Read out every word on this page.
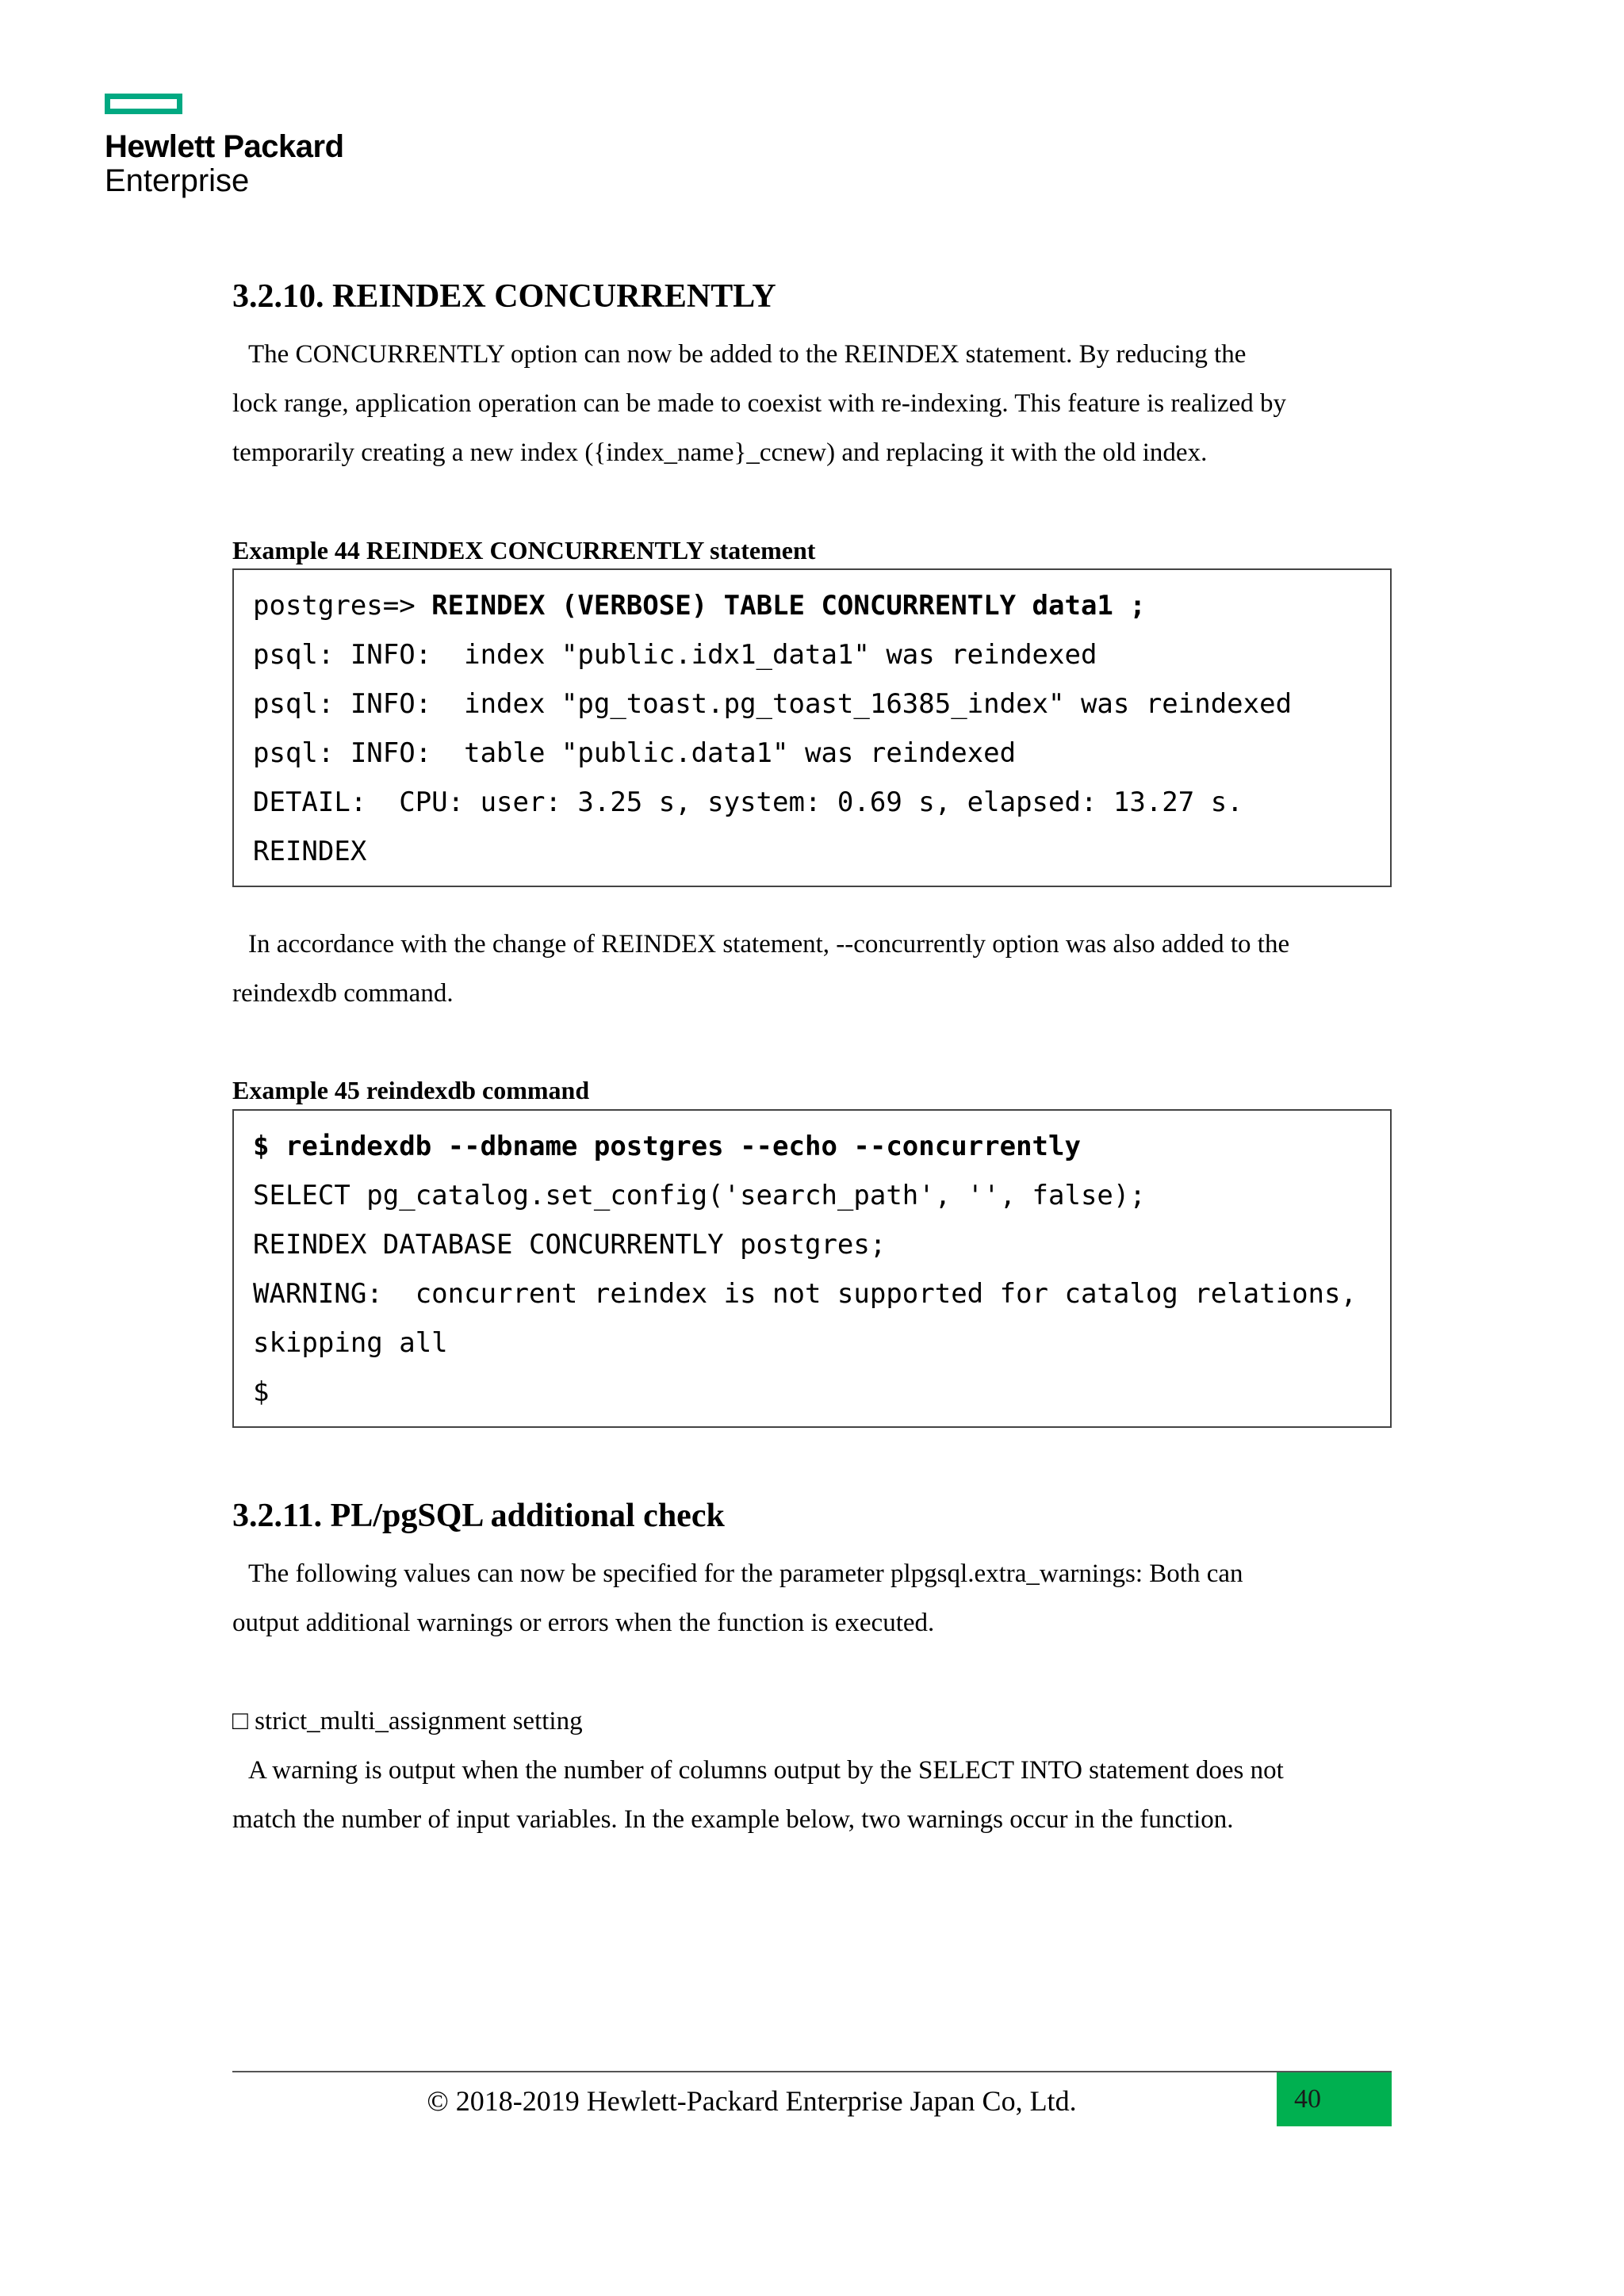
Hewlett Packard
Enterprise
3.2.10. REINDEX CONCURRENTLY

The CONCURRENTLY option can now be added to the REINDEX statement. By reducing the

lock range, application operation can be made to coexist with re-indexing. This feature is realized by

temporarily creating a new index ({index_name}_ccnew) and replacing it with the old index.

Example 44 REINDEX CONCURRENTLY statement

postgres=> REINDEX (VERBOSE) TABLE CONCURRENTLY data1 ;
psql: INFO:  index "public.idx1_data1" was reindexed
psql: INFO:  index "pg_toast.pg_toast_16385_index" was reindexed
psql: INFO:  table "public.data1" was reindexed
DETAIL:  CPU: user: 3.25 s, system: 0.69 s, elapsed: 13.27 s.
REINDEX

In accordance with the change of REINDEX statement, --concurrently option was also added to the

reindexdb command.

Example 45 reindexdb command

$ reindexdb --dbname postgres --echo --concurrently
SELECT pg_catalog.set_config('search_path', '', false);
REINDEX DATABASE CONCURRENTLY postgres;
WARNING:  concurrent reindex is not supported for catalog relations,
skipping all
$
3.2.11. PL/pgSQL additional check

The following values can now be specified for the parameter plpgsql.extra_warnings: Both can

output additional warnings or errors when the function is executed.

□ strict_multi_assignment setting

A warning is output when the number of columns output by the SELECT INTO statement does not

match the number of input variables. In the example below, two warnings occur in the function.

© 2018-2019 Hewlett-Packard Enterprise Japan Co, Ltd.	40
